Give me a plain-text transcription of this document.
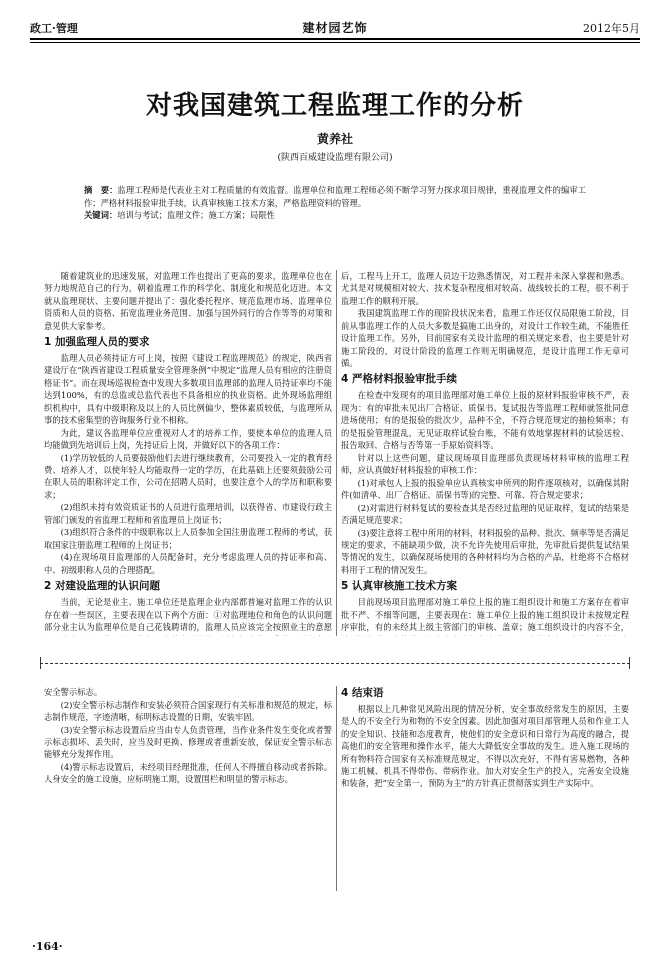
政工·管理	建材园艺饰	2012年5月
对我国建筑工程监理工作的分析
黄养社
(陕西百威建设监理有限公司)

摘　要：监理工程师是代表业主对工程质量的有效监督。监理单位和监理工程师必须不断学习努力探求项目规律，重视监理文件的编审工作；严格材料报验审批手续，认真审核施工技术方案，严格监理资料的管理。

关键词：培训与考试；监理文件；施工方案；局限性

随着建筑业的迅速发展，对监理工作也提出了更高的要求，监理单位也在努力地规范自己的行为，朝着监理工作的科学化、制度化和规范化迈进。本文就从监理现状、主要问题并提出了：强化委托程序、规范监理市场、监理单位资质和人员的资格、拓宽监理业务范围、加强与国外同行的合作等等的对策和意见供大家参考。

1 加强监理人员的要求

监理人员必须持证方可上岗，按照《建设工程监理规范》的规定，陕西省建设厅在“陕西省建设工程质量安全管理条例”中规定“监理人员有相应的注册资格证书”。而在现场巡视检查中发现大多数项目监理部的监理人员持证率均不能达到100%，有的总监或总监代表也不具备相应的执业资格。此外现场监理组织机构中，具有中级职称及以上的人员比例偏少，整体素质较低，与监理所从事的技术密集型的咨询服务行业不相称。

为此，建议各监理单位应重视对人才的培养工作，要使本单位的监理人员均能做到先培训后上岗，先持证后上岗，并做好以下的各项工作：

(1)学历较低的人员要鼓励他们去进行继续教育，公司要投入一定的教育经费、培养人才，以使年轻人均能取得一定的学历，在此基础上还要须鼓励公司在职人员的职称评定工作，公司在招聘人员时，也要注意个人的学历和职称要求；

(2)组织未持有效资质证书的人员进行监理培训，以获得省、市建设行政主管部门颁发的省监理工程师和省监理员上岗证书；

(3)组织符合条件的中级职称以上人员参加全国注册监理工程师的考试，获取国家注册监理工程师的上岗证书；

(4)在现场项目监理部的人员配备时，充分考虑监理人员的持证率和高、中、初级职称人员的合理搭配。

2 对建设监理的认识问题

当前，无论是业主、施工单位还是监理企业内部都普遍对监理工作的认识存在着一些误区，主要表现在以下两个方面：①对监理地位和角色的认识问题部分业主认为监理单位是自己花钱聘请的，监理人员应该完全按照业主的意愿

后，工程马上开工，监理人员边干边熟悉情况，对工程并未深入掌握和熟悉。尤其是对规模相对较大、技术复杂程度相对较高、战线较长的工程，很不利于监理工作的顺利开展。

我国建筑监理工作的现阶段状况来看，监理工作还仅仅局限施工阶段，目前从事监理工作的人员大多数是搞施工出身的，对设计工作较生疏，不能胜任设计监理工作。另外，目前国家有关设计监理的相关规定来看，也主要是针对施工阶段的，对设计阶段的监理工作则无明确规范，是设计监理工作无章可循。

4 严格材料报验审批手续

在检查中发现有的项目监理部对施工单位上报的原材料报验审核不严，表现为：有的审批未见出厂合格证、质保书、复试报告等监理工程师就签批同意进场使用；有的是报验的批次少，品种不全，不符合规范规定的抽检频率；有的是报验管理混乱，无见证取样试验台账，不能有效地掌握材料的试验送检、报告取回、合格与否等第一手原始资料等。

针对以上这些问题，建议现场项目监理部负责现场材料审核的监理工程师，应认真做好材料报验的审核工作：

(1)对承包人上报的报验单应认真核实申所列的附件逐项核对，以确保其附件(如清单、出厂合格证、质保书等)的完整、可靠、符合规定要求；

(2)对需进行材料复试的要检查其是否经过监理的见证取样，复试的结果是否满足规范要求；

(3)要注意将工程中所用的材料，材料报验的品种、批次、频率等是否满足规定的要求，不能缺项少做，决不允许先使用后审批，先审批后提供复试结果等情况的发生，以确保现场使用的各种材料均为合格的产品，杜绝将不合格材料用于工程的情况发生。

5 认真审核施工技术方案

目前现场项目监理部对施工单位上报的施工组织设计和施工方案存在着审批不严、不细等问题，主要表现在：施工单位上报的施工组织设计未按规定程序审批，有的未经其上级主管部门的审核、盖章；施工组织设计的内容不全，

安全警示标志。

(2)安全警示标志制作和安装必须符合国家现行有关标准和规范的规定，标志制作规范，字迹清晰，标明标志设置的日期，安装牢固。

(3)安全警示标志设置后应当由专人负责管理，当作业条件发生变化或者警示标志损坏、丢失时，应当及时更换、修理或者重新安放，保证安全警示标志能够充分发挥作用。

(4)警示标志设置后，未经项目经理批准，任何人不得擅自移动或者拆除。人身安全的施工设施，应标明施工期，设置围栏和明显的警示标志。

4 结束语

根据以上几种常见风险出现的情况分析，安全事故经常发生的原因，主要是人的不安全行为和物的不安全因素。因此加强对项目部管理人员和作业工人的安全知识、技能和态度教育，使他们的安全意识和日常行为高度的融合，提高他们的安全管理和操作水平，能大大降低安全事故的发生。进入施工现场的所有物料符合国家有关标准规范规定，不得以次充好，不得有害易燃物，各种施工机械、机具不得带伤、带病作业。加大对安全生产的投入，完善安全设施和装备，把“安全第一，预防为主”的方针真正贯彻落实到生产实际中。

·164·
